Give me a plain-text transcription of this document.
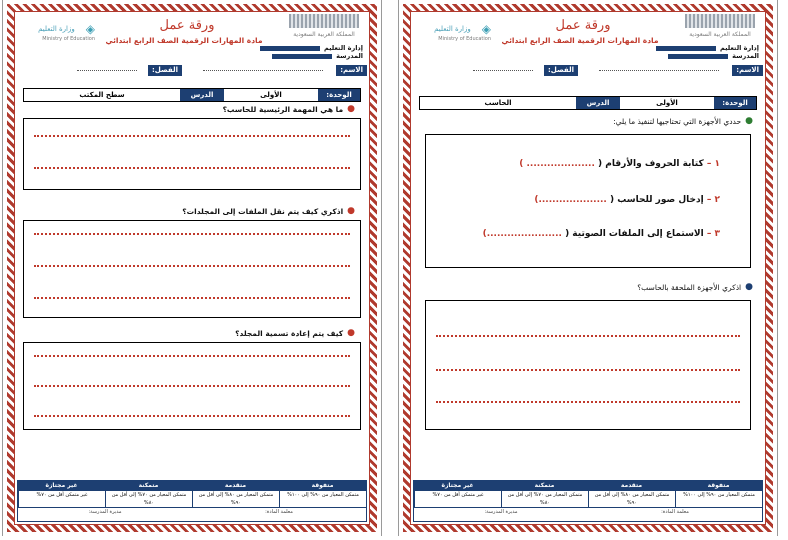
المملكة العربية السعودية
◈ وزارة التعليم
Ministry of Education
ورقة عمل
مادة المهارات الرقمية الصف الرابع ابتدائي
إدارة التعليم
المدرسة
الاسم:
الفصل:
الوحدة:
الأولى
الدرس
سطح المكتب
●
ما هي المهمة الرئيسية للحاسب؟
●
اذكري كيف يتم نقل الملفات إلى المجلدات؟
●
كيف يتم إعادة تسمية المجلد؟
متفوقة
متقدمة
متمكنة
غير مجتازة
متمكن المعيار من ٩٠% إلى ١٠٠%
متمكن المعيار من ٨٠% إلى أقل من ٩٠%
متمكن المعيار من ٧٠% إلى أقل من ٨٠%
غير متمكن أقل من ٧٠%
معلمة المادة:
مديرة المدرسة:

المملكة العربية السعودية
◈ وزارة التعليم
Ministry of Education
ورقة عمل
مادة المهارات الرقمية الصف الرابع ابتدائي
إدارة التعليم
المدرسة
الاسم:
الفصل:
الوحدة:
الأولى
الدرس
الحاسب
●
حددي الأجهزة التي تحتاجيها لتنفيذ ما يلي:
١ – كتابة الحروف والأرقام ( .................... )
٢ – إدخال صور للحاسب ( ....................)
٣ – الاستماع إلى الملفات الصوتية ( ......................)
●
اذكري الأجهزة الملحقة بالحاسب؟
متفوقة
متقدمة
متمكنة
غير مجتازة
متمكن المعيار من ٩٠% إلى ١٠٠%
متمكن المعيار من ٨٠% إلى أقل من ٩٠%
متمكن المعيار من ٧٠% إلى أقل من ٨٠%
غير متمكن أقل من ٧٠%
معلمة المادة:
مديرة المدرسة:
